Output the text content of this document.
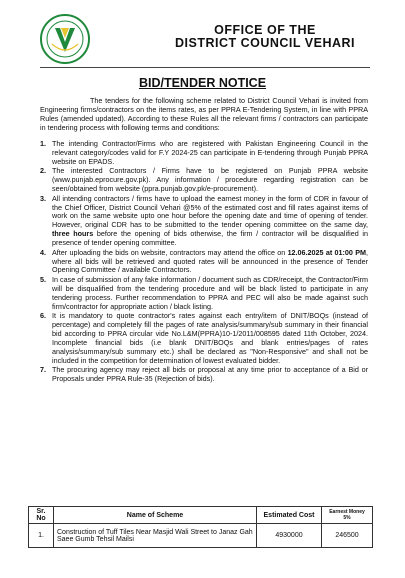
OFFICE OF THE
DISTRICT COUNCIL VEHARI
BID/TENDER NOTICE

The tenders for the following scheme related to District Council Vehari is invited from Engineering firms/contractors on the items rates, as per PPRA E-Tendering System, in line with PPRA Rules (amended updated). According to these Rules all the relevant firms / contractors can participate in tendering process with following terms and conditions:

1. The intending Contractor/Firms who are registered with Pakistan Engineering Council in the relevant category/codes valid for F.Y 2024-25 can participate in E-tendering through Punjab PPRA website on EPADS.
2. The interested Contractors / Firms have to be registered on Punjab PPRA website (www.punjab.eprocure.gov.pk). Any information / procedure regarding registration can be seen/obtained from website (ppra.punjab.gov.pk/e-procurement).
3. All intending contractors / firms have to upload the earnest money in the form of CDR in favour of the Chief Officer, District Council Vehari @5% of the estimated cost and fill rates against items of work on the same website upto one hour before the opening date and time of opening of tender. However, original CDR has to be submitted to the tender opening committee on the same day, three hours before the opening of bids otherwise, the firm / contractor will be disqualified in presence of tender opening committee.
4. After uploading the bids on website, contractors may attend the office on 12.06.2025 at 01:00 PM, where all bids will be retrieved and quoted rates will be announced in the presence of Tender Opening Committee / available Contractors.
5. In case of submission of any fake information / document such as CDR/receipt, the Contractor/Firm will be disqualified from the tendering procedure and will be black listed to participate in any tendering process. Further recommendation to PPRA and PEC will also be made against such firm/contractor for appropriate action / black listing.
6. It is mandatory to quote contractor's rates against each entry/item of DNIT/BOQs (instead of percentage) and completely fill the pages of rate analysis/summary/sub summary in their financial bid according to PPRA circular vide No.L&M(PPRA)10-1/2011/008595 dated 11th October, 2024. Incomplete financial bids (i.e blank DNIT/BOQs and blank entries/pages of rates analysis/summary/sub summary etc.) shall be declared as "Non-Responsive" and shall not be included in the competition for determination of lowest evaluated bidder.
7. The procuring agency may reject all bids or proposal at any time prior to acceptance of a Bid or Proposals under PPRA Rule-35 (Rejection of bids).
Sr. No	Name of Scheme	Estimated Cost	Earnest Money 5%
1.	Construction of Tuff Tiles Near Masjid Wali Street to Janaz Gah Saee Gumb Tehsil Mailsi	4930000	246500
